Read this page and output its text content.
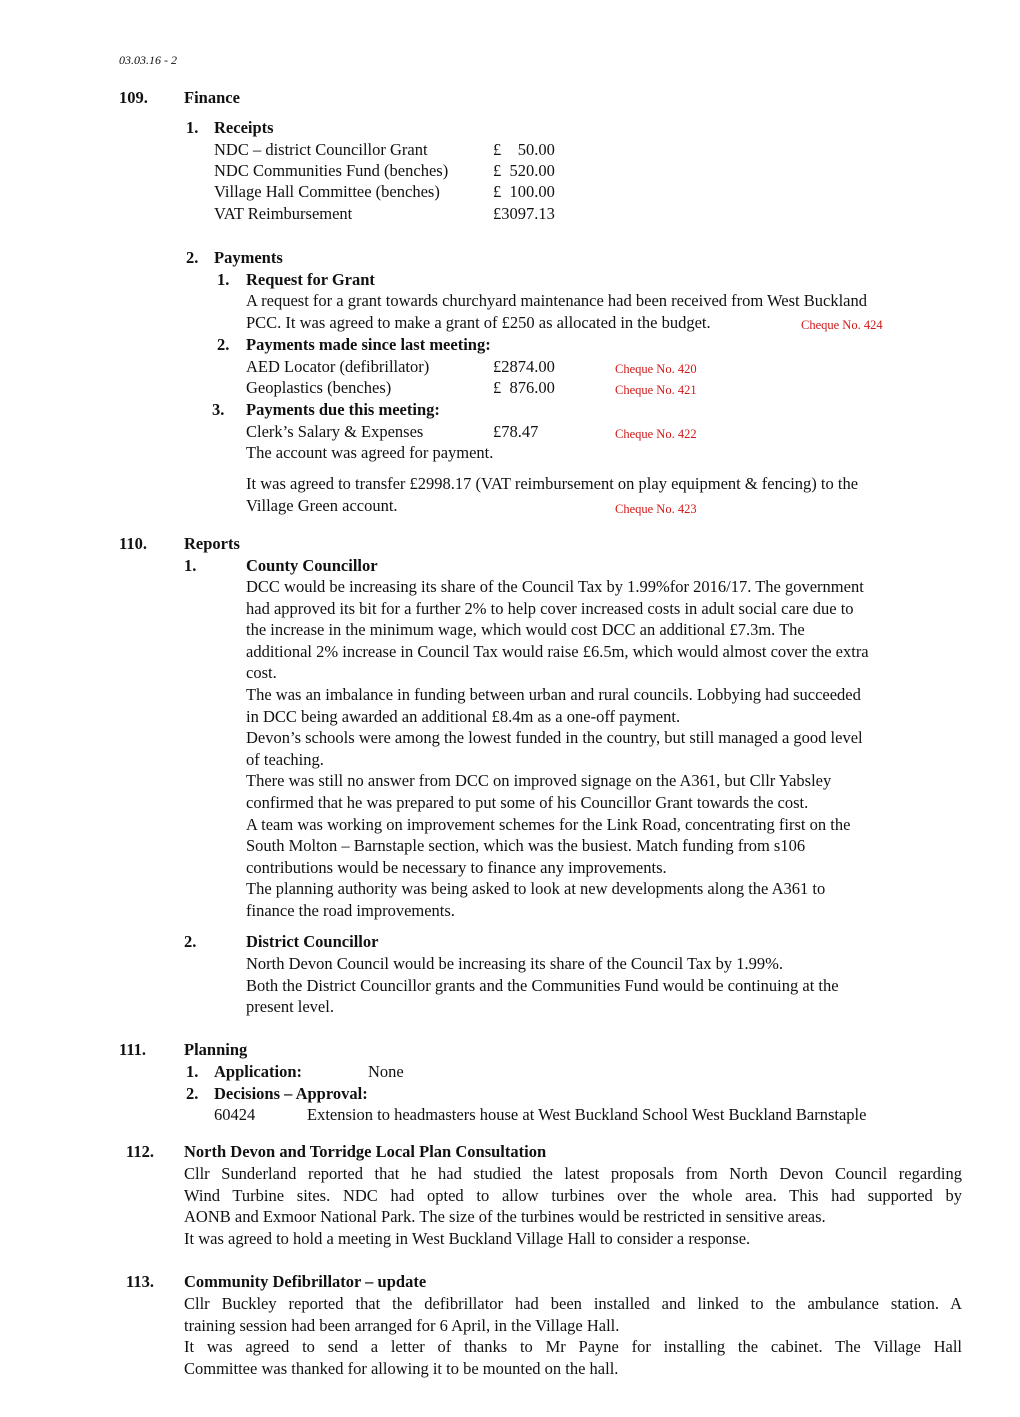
03.03.16 - 2
109. Finance
1. Receipts
NDC – district Councillor Grant	£    50.00
NDC Communities Fund (benches)	£  520.00
Village Hall Committee (benches)	£  100.00
VAT Reimbursement	£3097.13
2. Payments
1. Request for Grant
A request for a grant towards churchyard maintenance had been received from West Buckland
PCC. It was agreed to make a grant of £250 as allocated in the budget.	Cheque No. 424
2. Payments made since last meeting:
AED Locator (defibrillator)	£2874.00	Cheque No. 420
Geoplastics (benches)	£  876.00	Cheque No. 421
3. Payments due this meeting:
Clerk’s Salary & Expenses	£78.47	Cheque No. 422
The account was agreed for payment.
It was agreed to transfer £2998.17 (VAT reimbursement on play equipment & fencing) to the
Village Green account.	Cheque No. 423
110. Reports
1.	County Councillor

DCC would be increasing its share of the Council Tax by 1.99%for 2016/17. The government

had approved its bit for a further 2% to help cover increased costs in adult social care due to

the increase in the minimum wage, which would cost DCC an additional £7.3m. The

additional 2% increase in Council Tax would raise £6.5m, which would almost cover the extra

cost.

The was an imbalance in funding between urban and rural councils. Lobbying had succeeded

in DCC being awarded an additional £8.4m as a one-off payment.

Devon’s schools were among the lowest funded in the country, but still managed a good level

of teaching.

There was still no answer from DCC on improved signage on the A361, but Cllr Yabsley

confirmed that he was prepared to put some of his Councillor Grant towards the cost.

A team was working on improvement schemes for the Link Road, concentrating first on the

South Molton – Barnstaple section, which was the busiest. Match funding from s106

contributions would be necessary to finance any improvements.

The planning authority was being asked to look at new developments along the A361 to

finance the road improvements.

2.	District Councillor

North Devon Council would be increasing its share of the Council Tax by 1.99%.

Both the District Councillor grants and the Communities Fund would be continuing at the

present level.

111. Planning
1. Application:	None
2. Decisions – Approval:
60424	Extension to headmasters house at West Buckland School West Buckland Barnstaple
112. North Devon and Torridge Local Plan Consultation

Cllr Sunderland reported that he had studied the latest proposals from North Devon Council regarding

Wind Turbine sites. NDC had opted to allow turbines over the whole area. This had supported by

AONB and Exmoor National Park. The size of the turbines would be restricted in sensitive areas.

It was agreed to hold a meeting in West Buckland Village Hall to consider a response.

113. Community Defibrillator – update

Cllr Buckley reported that the defibrillator had been installed and linked to the ambulance station. A

training session had been arranged for 6 April, in the Village Hall.

It was agreed to send a letter of thanks to Mr Payne for installing the cabinet. The Village Hall

Committee was thanked for allowing it to be mounted on the hall.
